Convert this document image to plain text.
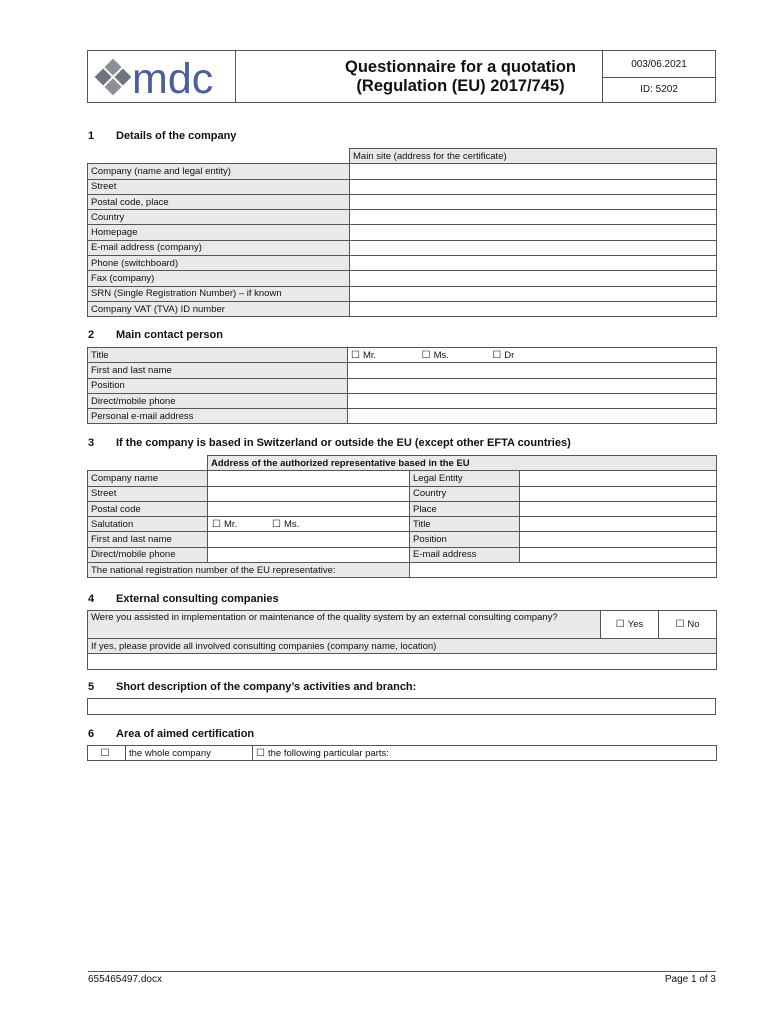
mdc	Questionnaire for a quotation
(Regulation (EU) 2017/745)
003/06.2021
ID: 5202
1 Details of the company
	Main site (address for the certificate)
Company (name and legal entity)	
Street	
Postal code, place	
Country	
Homepage	
E-mail address (company)	
Phone (switchboard)	
Fax (company)	
SRN (Single Registration Number) – if known	
Company VAT (TVA) ID number	
2 Main contact person
Title	☐ Mr. ☐ Ms. ☐ Dr
First and last name	
Position	
Direct/mobile phone	
Personal e-mail address	
3 If the company is based in Switzerland or outside the EU (except other EFTA countries)
	Address of the authorized representative based in the EU		
Company name		Legal Entity	
Street		Country	
Postal code		Place	
Salutation	☐ Mr. ☐ Ms.	Title	
First and last name		Position	
Direct/mobile phone		E-mail address	
The national registration number of the EU representative:			
4 External consulting companies
Were you assisted in implementation or maintenance of the quality system by an external consulting company?	☐ Yes	☐ No
If yes, please provide all involved consulting companies (company name, location)

5 Short description of the company’s activities and branch:
6 Area of aimed certification
☐	the whole company	☐ the following particular parts:
655465497.docx	Page 1 of 3
